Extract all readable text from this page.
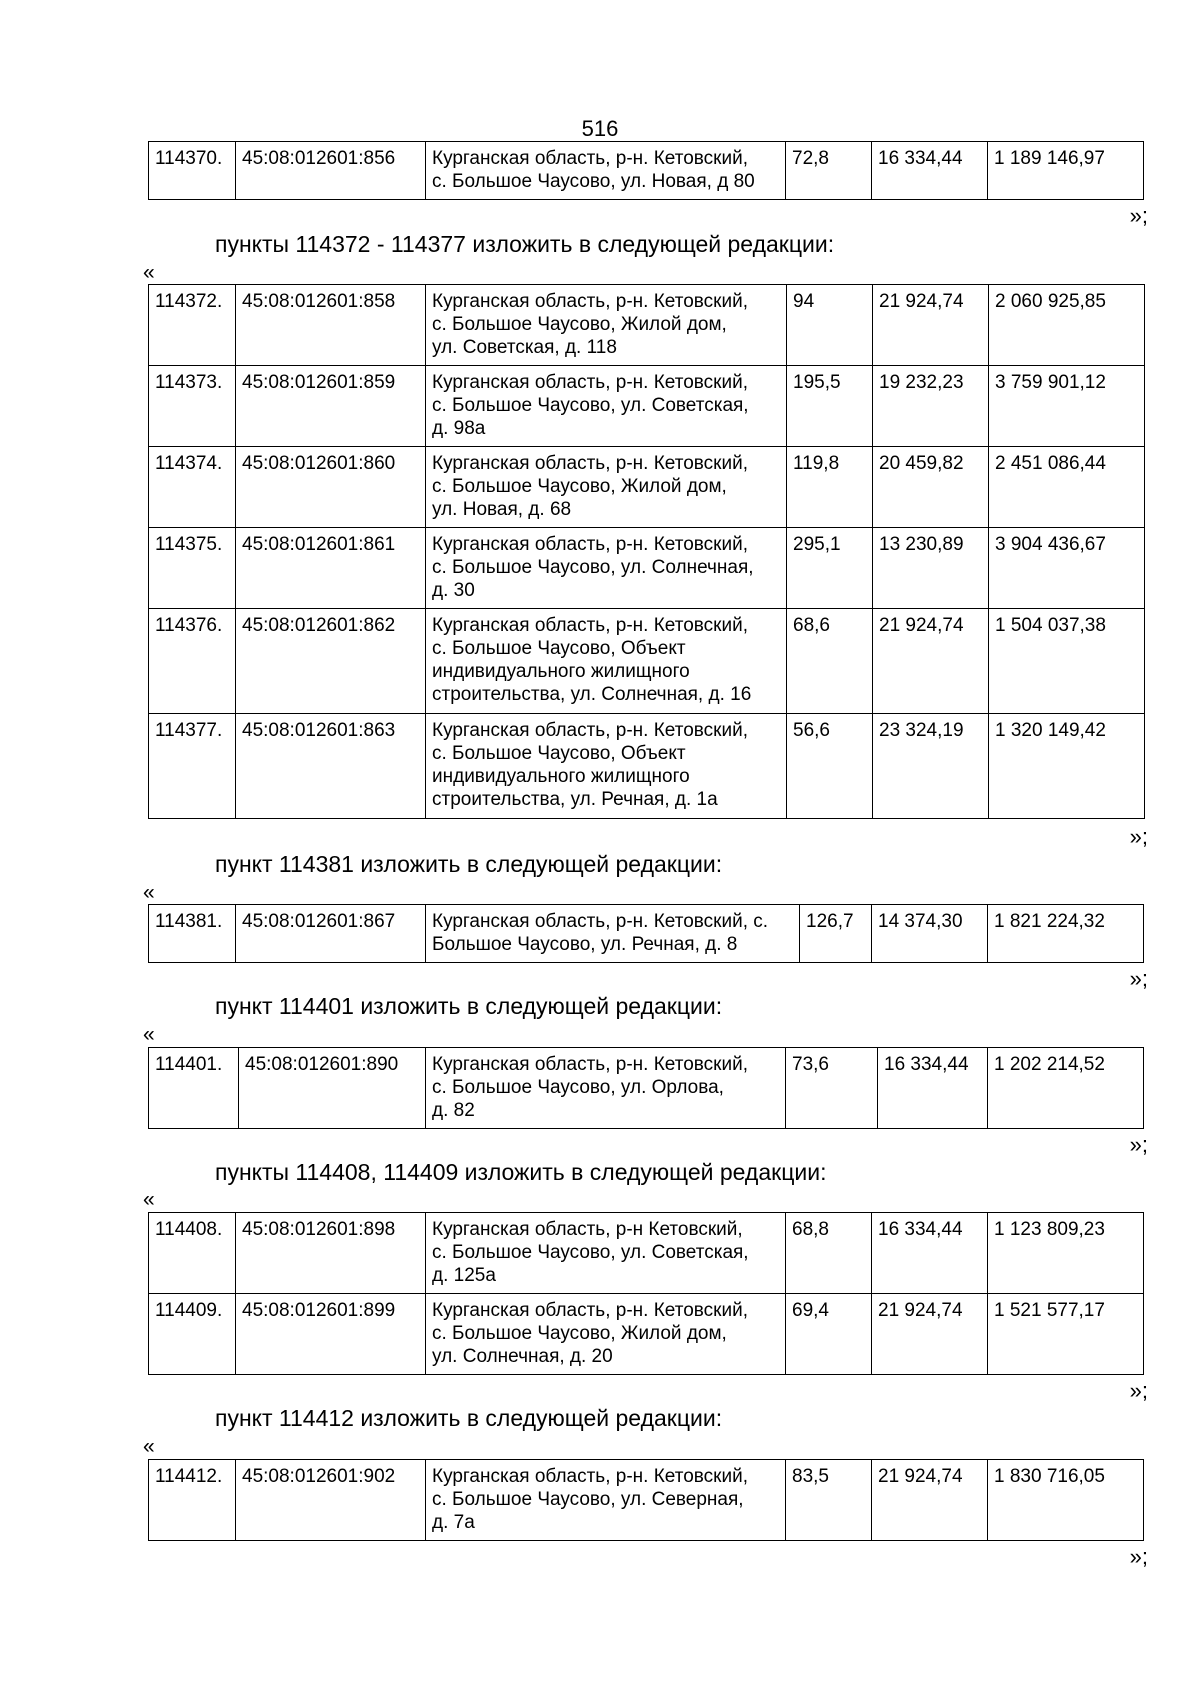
516
114370.	45:08:012601:856	Курганская область, р-н. Кетовский,
с. Большое Чаусово, ул. Новая, д 80	72,8	16 334,44	1 189 146,97
»;
пункты 114372 - 114377 изложить в следующей редакции:
«
114372.	45:08:012601:858	Курганская область, р-н. Кетовский,
с. Большое Чаусово, Жилой дом,
ул. Советская, д. 118	94	21 924,74	2 060 925,85
114373.	45:08:012601:859	Курганская область, р-н. Кетовский,
с. Большое Чаусово, ул. Советская,
д. 98а	195,5	19 232,23	3 759 901,12
114374.	45:08:012601:860	Курганская область, р-н. Кетовский,
с. Большое Чаусово, Жилой дом,
ул. Новая, д. 68	119,8	20 459,82	2 451 086,44
114375.	45:08:012601:861	Курганская область, р-н. Кетовский,
с. Большое Чаусово, ул. Солнечная,
д. 30	295,1	13 230,89	3 904 436,67
114376.	45:08:012601:862	Курганская область, р-н. Кетовский,
с. Большое Чаусово, Объект
индивидуального жилищного
строительства, ул. Солнечная, д. 16	68,6	21 924,74	1 504 037,38
114377.	45:08:012601:863	Курганская область, р-н. Кетовский,
с. Большое Чаусово, Объект
индивидуального жилищного
строительства, ул. Речная, д. 1а	56,6	23 324,19	1 320 149,42
»;
пункт 114381 изложить в следующей редакции:
«
114381.	45:08:012601:867	Курганская область, р-н. Кетовский, с.
Большое Чаусово, ул. Речная, д. 8	126,7	14 374,30	1 821 224,32
»;
пункт 114401 изложить в следующей редакции:
«
114401.	45:08:012601:890	Курганская область, р-н. Кетовский,
с. Большое Чаусово, ул. Орлова,
д. 82	73,6	16 334,44	1 202 214,52
»;
пункты 114408, 114409 изложить в следующей редакции:
«
114408.	45:08:012601:898	Курганская область, р-н Кетовский,
с. Большое Чаусово, ул. Советская,
д. 125а	68,8	16 334,44	1 123 809,23
114409.	45:08:012601:899	Курганская область, р-н. Кетовский,
с. Большое Чаусово, Жилой дом,
ул. Солнечная, д. 20	69,4	21 924,74	1 521 577,17
»;
пункт 114412 изложить в следующей редакции:
«
114412.	45:08:012601:902	Курганская область, р-н. Кетовский,
с. Большое Чаусово, ул. Северная,
д. 7а	83,5	21 924,74	1 830 716,05
»;
